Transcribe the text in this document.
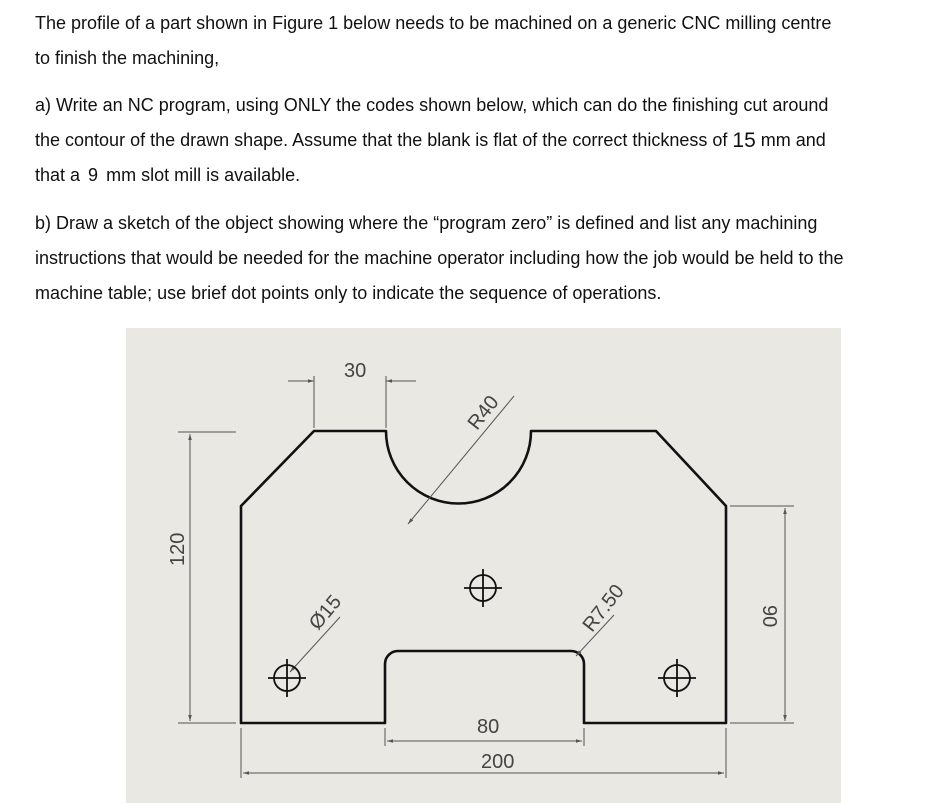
The profile of a part shown in Figure 1 below needs to be machined on a generic CNC milling centre
to finish the machining,
a) Write an NC program, using ONLY the codes shown below, which can do the finishing cut around
the contour of the drawn shape. Assume that the blank is flat of the correct thickness of 15 mm and
that a 9 mm slot mill is available.
b) Draw a sketch of the object showing where the “program zero” is defined and list any machining
instructions that would be needed for the machine operator including how the job would be held to the
machine table; use brief dot points only to indicate the sequence of operations.
30
R40
Ø15	R7.50
80
200
120
90
